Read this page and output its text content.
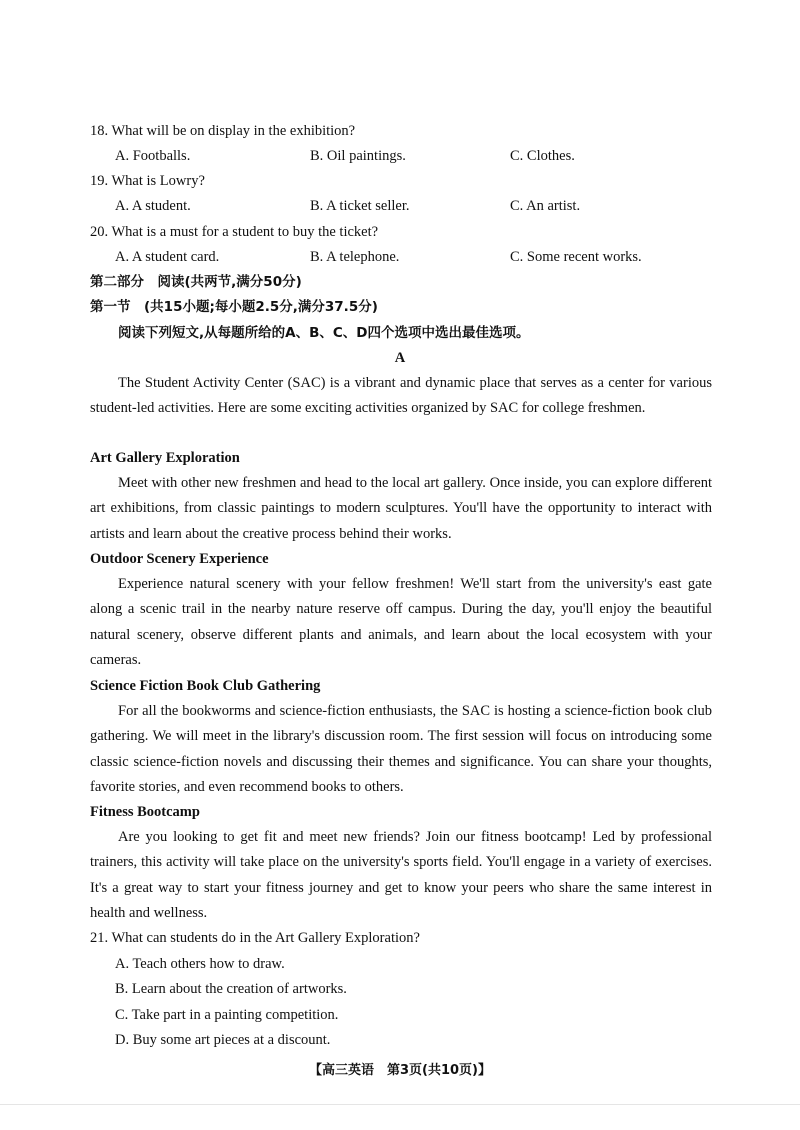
18. What will be on display in the exhibition?
A. Footballs.	B. Oil paintings.	C. Clothes.
19. What is Lowry?
A. A student.	B. A ticket seller.	C. An artist.
20. What is a must for a student to buy the ticket?
A. A student card.	B. A telephone.	C. Some recent works.
第二部分　阅读(共两节,满分50分)
第一节　(共15小题;每小题2.5分,满分37.5分)
阅读下列短文,从每题所给的A、B、C、D四个选项中选出最佳选项。
A
The Student Activity Center (SAC) is a vibrant and dynamic place that serves as a center for various student-led activities. Here are some exciting activities organized by SAC for college freshmen.
Art Gallery Exploration
Meet with other new freshmen and head to the local art gallery. Once inside, you can explore different art exhibitions, from classic paintings to modern sculptures. You'll have the opportunity to interact with artists and learn about the creative process behind their works.
Outdoor Scenery Experience
Experience natural scenery with your fellow freshmen! We'll start from the university's east gate along a scenic trail in the nearby nature reserve off campus. During the day, you'll enjoy the beautiful natural scenery, observe different plants and animals, and learn about the local ecosystem with your cameras.
Science Fiction Book Club Gathering
For all the bookworms and science-fiction enthusiasts, the SAC is hosting a science-fiction book club gathering. We will meet in the library's discussion room. The first session will focus on introducing some classic science-fiction novels and discussing their themes and significance. You can share your thoughts, favorite stories, and even recommend books to others.
Fitness Bootcamp
Are you looking to get fit and meet new friends? Join our fitness bootcamp! Led by professional trainers, this activity will take place on the university's sports field. You'll engage in a variety of exercises. It's a great way to start your fitness journey and get to know your peers who share the same interest in health and wellness.
21. What can students do in the Art Gallery Exploration?
A. Teach others how to draw.
B. Learn about the creation of artworks.
C. Take part in a painting competition.
D. Buy some art pieces at a discount.
【高三英语　第3页(共10页)】
